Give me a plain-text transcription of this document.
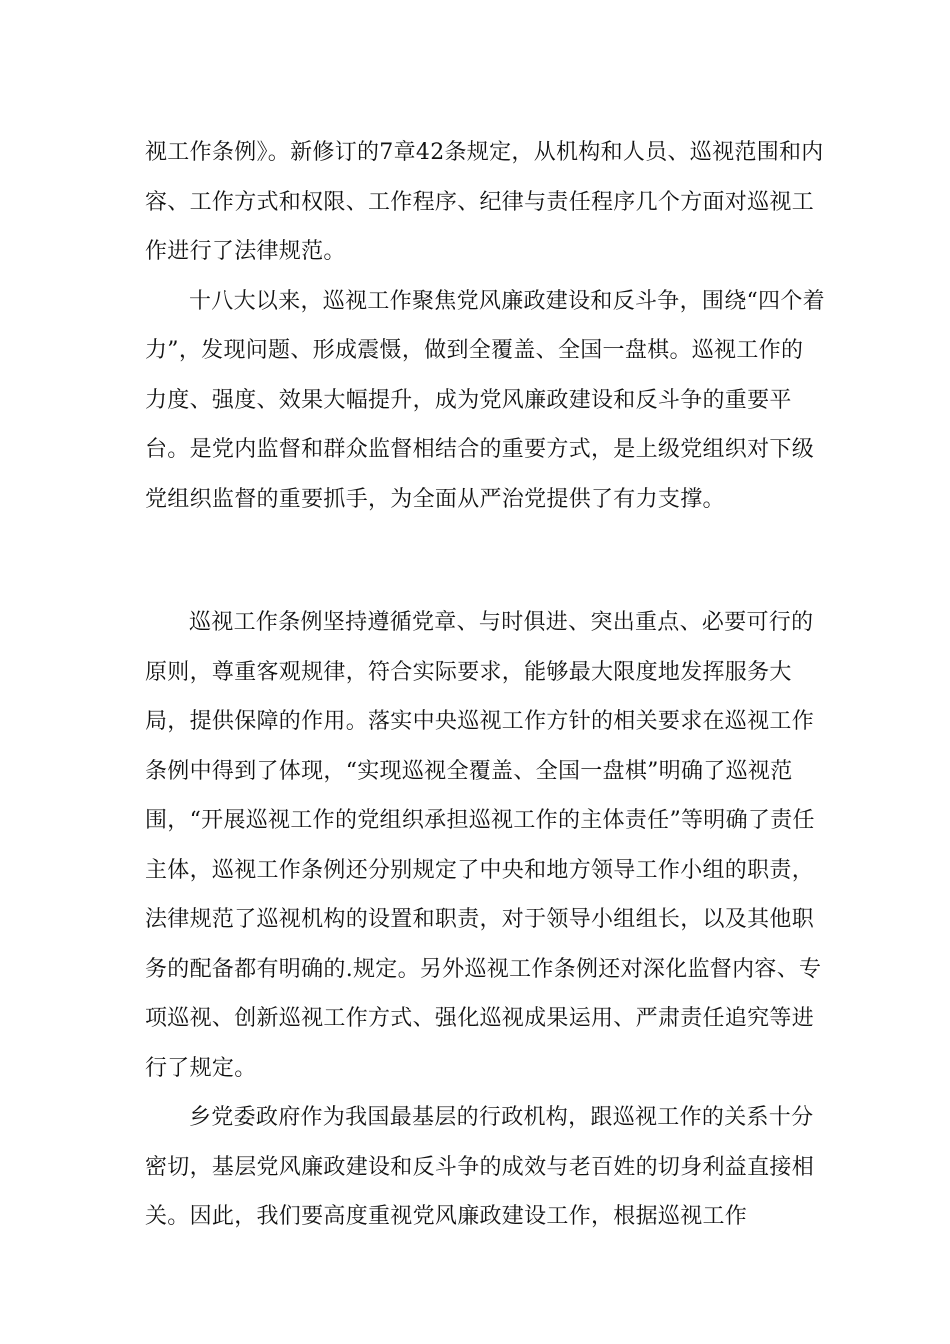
视工作条例》。新修订的7章42条规定，从机构和人员、巡视范围和内容、工作方式和权限、工作程序、纪律与责任程序几个方面对巡视工作进行了法律规范。

十八大以来，巡视工作聚焦党风廉政建设和反斗争，围绕“四个着力”，发现问题、形成震慑，做到全覆盖、全国一盘棋。巡视工作的力度、强度、效果大幅提升，成为党风廉政建设和反斗争的重要平台。是党内监督和群众监督相结合的重要方式，是上级党组织对下级党组织监督的重要抓手，为全面从严治党提供了有力支撑。

巡视工作条例坚持遵循党章、与时俱进、突出重点、必要可行的原则，尊重客观规律，符合实际要求，能够最大限度地发挥服务大局，提供保障的作用。落实中央巡视工作方针的相关要求在巡视工作条例中得到了体现，“实现巡视全覆盖、全国一盘棋”明确了巡视范围，“开展巡视工作的党组织承担巡视工作的主体责任”等明确了责任主体，巡视工作条例还分别规定了中央和地方领导工作小组的职责，法律规范了巡视机构的设置和职责，对于领导小组组长，以及其他职务的配备都有明确的.规定。另外巡视工作条例还对深化监督内容、专项巡视、创新巡视工作方式、强化巡视成果运用、严肃责任追究等进行了规定。

乡党委政府作为我国最基层的行政机构，跟巡视工作的关系十分密切，基层党风廉政建设和反斗争的成效与老百姓的切身利益直接相关。因此，我们要高度重视党风廉政建设工作，根据巡视工作
